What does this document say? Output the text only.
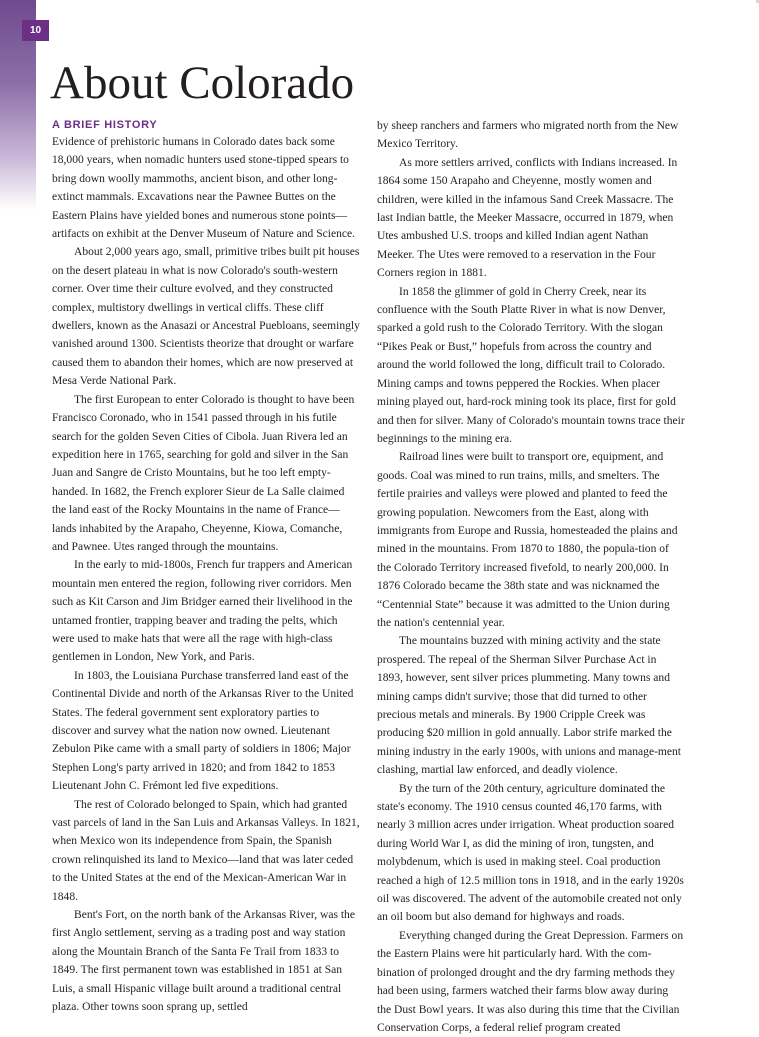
10
About Colorado
A BRIEF HISTORY

Evidence of prehistoric humans in Colorado dates back some 18,000 years, when nomadic hunters used stone-tipped spears to bring down woolly mammoths, ancient bison, and other long-extinct mammals. Excavations near the Pawnee Buttes on the Eastern Plains have yielded bones and numerous stone points—artifacts on exhibit at the Denver Museum of Nature and Science.

About 2,000 years ago, small, primitive tribes built pit houses on the desert plateau in what is now Colorado's south-western corner. Over time their culture evolved, and they constructed complex, multistory dwellings in vertical cliffs. These cliff dwellers, known as the Anasazi or Ancestral Puebloans, seemingly vanished around 1300. Scientists theorize that drought or warfare caused them to abandon their homes, which are now preserved at Mesa Verde National Park.

The first European to enter Colorado is thought to have been Francisco Coronado, who in 1541 passed through in his futile search for the golden Seven Cities of Cibola. Juan Rivera led an expedition here in 1765, searching for gold and silver in the San Juan and Sangre de Cristo Mountains, but he too left empty-handed. In 1682, the French explorer Sieur de La Salle claimed the land east of the Rocky Mountains in the name of France—lands inhabited by the Arapaho, Cheyenne, Kiowa, Comanche, and Pawnee. Utes ranged through the mountains.

In the early to mid-1800s, French fur trappers and American mountain men entered the region, following river corridors. Men such as Kit Carson and Jim Bridger earned their livelihood in the untamed frontier, trapping beaver and trading the pelts, which were used to make hats that were all the rage with high-class gentlemen in London, New York, and Paris.

In 1803, the Louisiana Purchase transferred land east of the Continental Divide and north of the Arkansas River to the United States. The federal government sent exploratory parties to discover and survey what the nation now owned. Lieutenant Zebulon Pike came with a small party of soldiers in 1806; Major Stephen Long's party arrived in 1820; and from 1842 to 1853 Lieutenant John C. Frémont led five expeditions.

The rest of Colorado belonged to Spain, which had granted vast parcels of land in the San Luis and Arkansas Valleys. In 1821, when Mexico won its independence from Spain, the Spanish crown relinquished its land to Mexico—land that was later ceded to the United States at the end of the Mexican-American War in 1848.

Bent's Fort, on the north bank of the Arkansas River, was the first Anglo settlement, serving as a trading post and way station along the Mountain Branch of the Santa Fe Trail from 1833 to 1849. The first permanent town was established in 1851 at San Luis, a small Hispanic village built around a traditional central plaza. Other towns soon sprang up, settled

by sheep ranchers and farmers who migrated north from the New Mexico Territory.

As more settlers arrived, conflicts with Indians increased. In 1864 some 150 Arapaho and Cheyenne, mostly women and children, were killed in the infamous Sand Creek Massacre. The last Indian battle, the Meeker Massacre, occurred in 1879, when Utes ambushed U.S. troops and killed Indian agent Nathan Meeker. The Utes were removed to a reservation in the Four Corners region in 1881.

In 1858 the glimmer of gold in Cherry Creek, near its confluence with the South Platte River in what is now Denver, sparked a gold rush to the Colorado Territory. With the slogan “Pikes Peak or Bust,” hopefuls from across the country and around the world followed the long, difficult trail to Colorado. Mining camps and towns peppered the Rockies. When placer mining played out, hard-rock mining took its place, first for gold and then for silver. Many of Colorado's mountain towns trace their beginnings to the mining era.

Railroad lines were built to transport ore, equipment, and goods. Coal was mined to run trains, mills, and smelters. The fertile prairies and valleys were plowed and planted to feed the growing population. Newcomers from the East, along with immigrants from Europe and Russia, homesteaded the plains and mined in the mountains. From 1870 to 1880, the popula-tion of the Colorado Territory increased fivefold, to nearly 200,000. In 1876 Colorado became the 38th state and was nicknamed the “Centennial State” because it was admitted to the Union during the nation's centennial year.

The mountains buzzed with mining activity and the state prospered. The repeal of the Sherman Silver Purchase Act in 1893, however, sent silver prices plummeting. Many towns and mining camps didn't survive; those that did turned to other precious metals and minerals. By 1900 Cripple Creek was producing $20 million in gold annually. Labor strife marked the mining industry in the early 1900s, with unions and manage-ment clashing, martial law enforced, and deadly violence.

By the turn of the 20th century, agriculture dominated the state's economy. The 1910 census counted 46,170 farms, with nearly 3 million acres under irrigation. Wheat production soared during World War I, as did the mining of iron, tungsten, and molybdenum, which is used in making steel. Coal production reached a high of 12.5 million tons in 1918, and in the early 1920s oil was discovered. The advent of the automobile created not only an oil boom but also demand for highways and roads.

Everything changed during the Great Depression. Farmers on the Eastern Plains were hit particularly hard. With the com-bination of prolonged drought and the dry farming methods they had been using, farmers watched their farms blow away during the Dust Bowl years. It was also during this time that the Civilian Conservation Corps, a federal relief program created
